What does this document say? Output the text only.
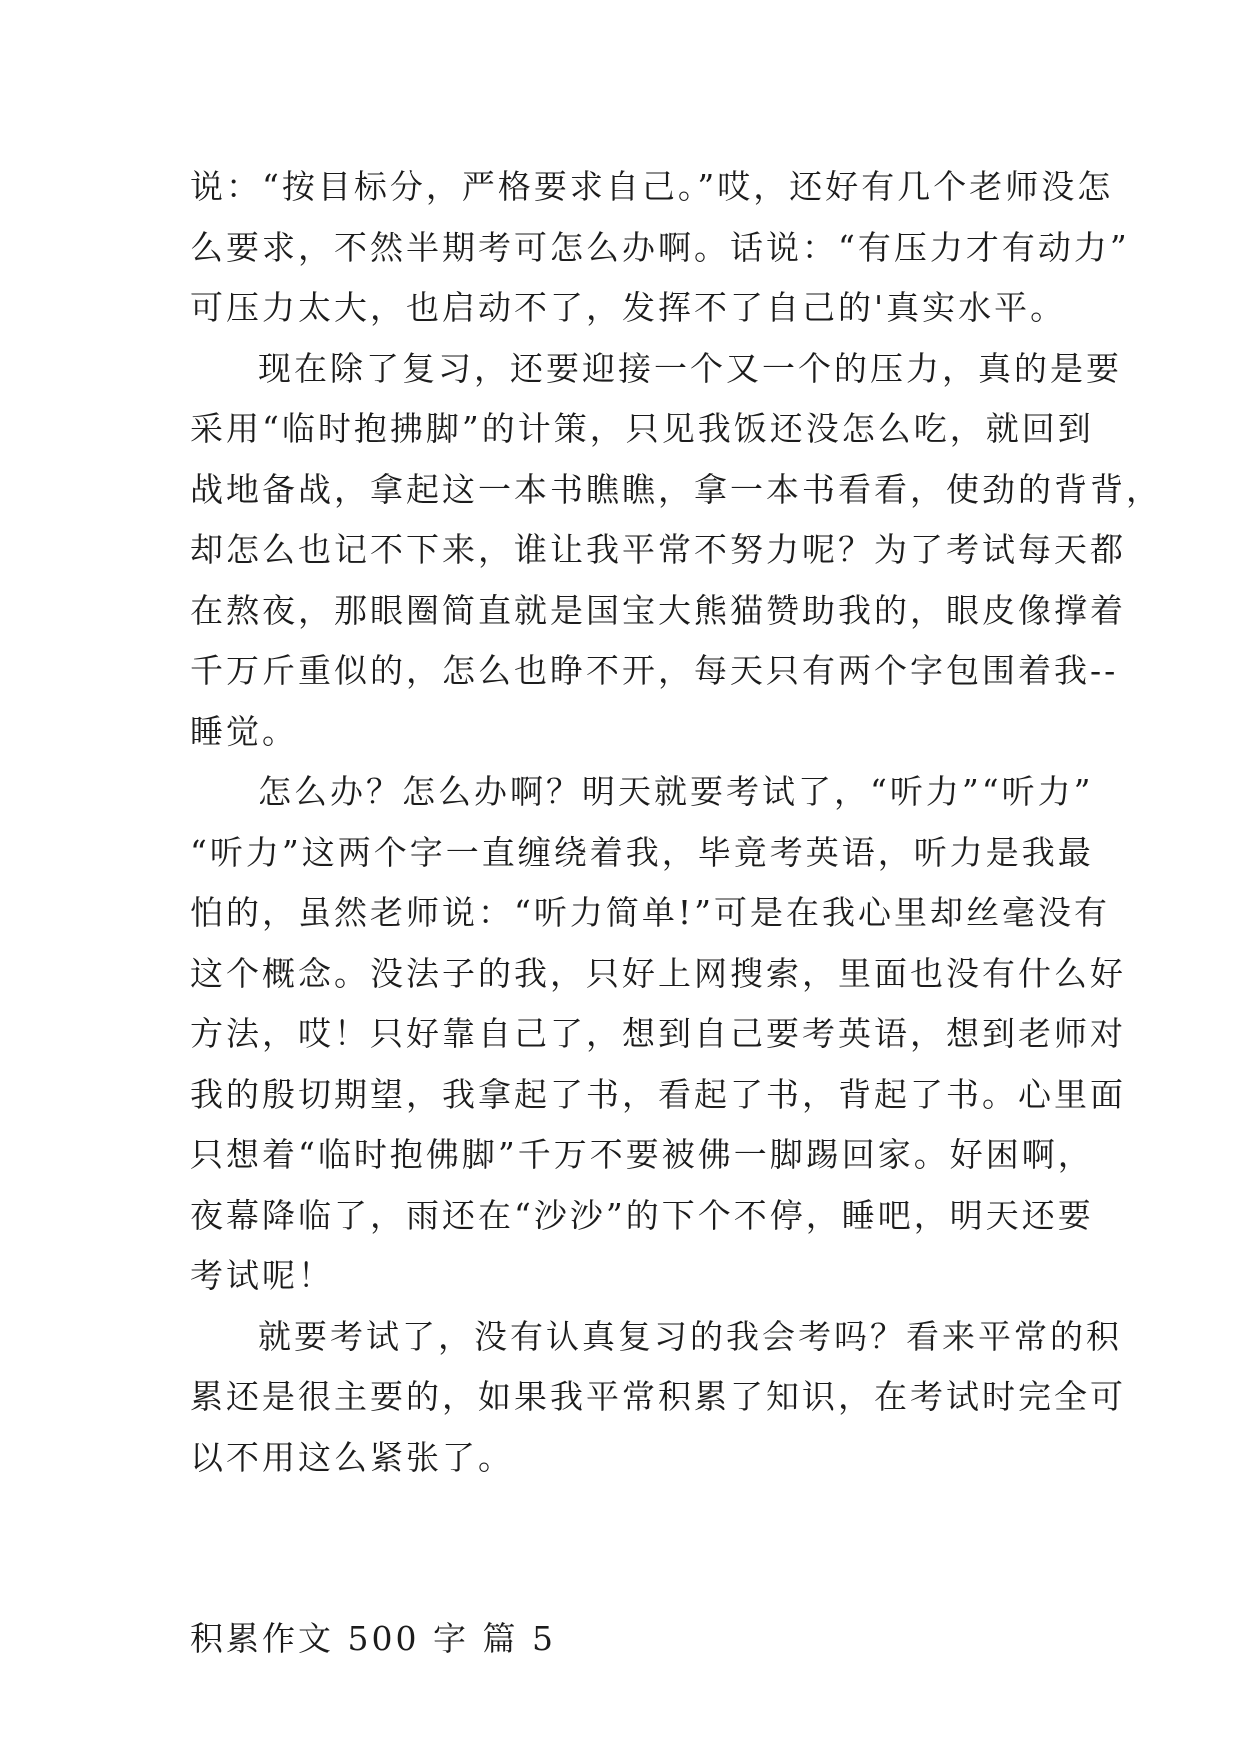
说：“按目标分，严格要求自己。”哎，还好有几个老师没怎
么要求，不然半期考可怎么办啊。话说：“有压力才有动力”
可压力太大，也启动不了，发挥不了自己的'真实水平。
现在除了复习，还要迎接一个又一个的压力，真的是要
采用“临时抱拂脚”的计策，只见我饭还没怎么吃，就回到
战地备战，拿起这一本书瞧瞧，拿一本书看看，使劲的背背，
却怎么也记不下来，谁让我平常不努力呢？为了考试每天都
在熬夜，那眼圈简直就是国宝大熊猫赞助我的，眼皮像撑着
千万斤重似的，怎么也睁不开，每天只有两个字包围着我--
睡觉。
怎么办？怎么办啊？明天就要考试了，“听力”“听力”
“听力”这两个字一直缠绕着我，毕竟考英语，听力是我最
怕的，虽然老师说：“听力简单!”可是在我心里却丝毫没有
这个概念。没法子的我，只好上网搜索，里面也没有什么好
方法，哎！只好靠自己了，想到自己要考英语，想到老师对
我的殷切期望，我拿起了书，看起了书，背起了书。心里面
只想着“临时抱佛脚”千万不要被佛一脚踢回家。好困啊，
夜幕降临了，雨还在“沙沙”的下个不停，睡吧，明天还要
考试呢！
就要考试了，没有认真复习的我会考吗？看来平常的积
累还是很主要的，如果我平常积累了知识，在考试时完全可
以不用这么紧张了。
积累作文 500 字 篇 5
